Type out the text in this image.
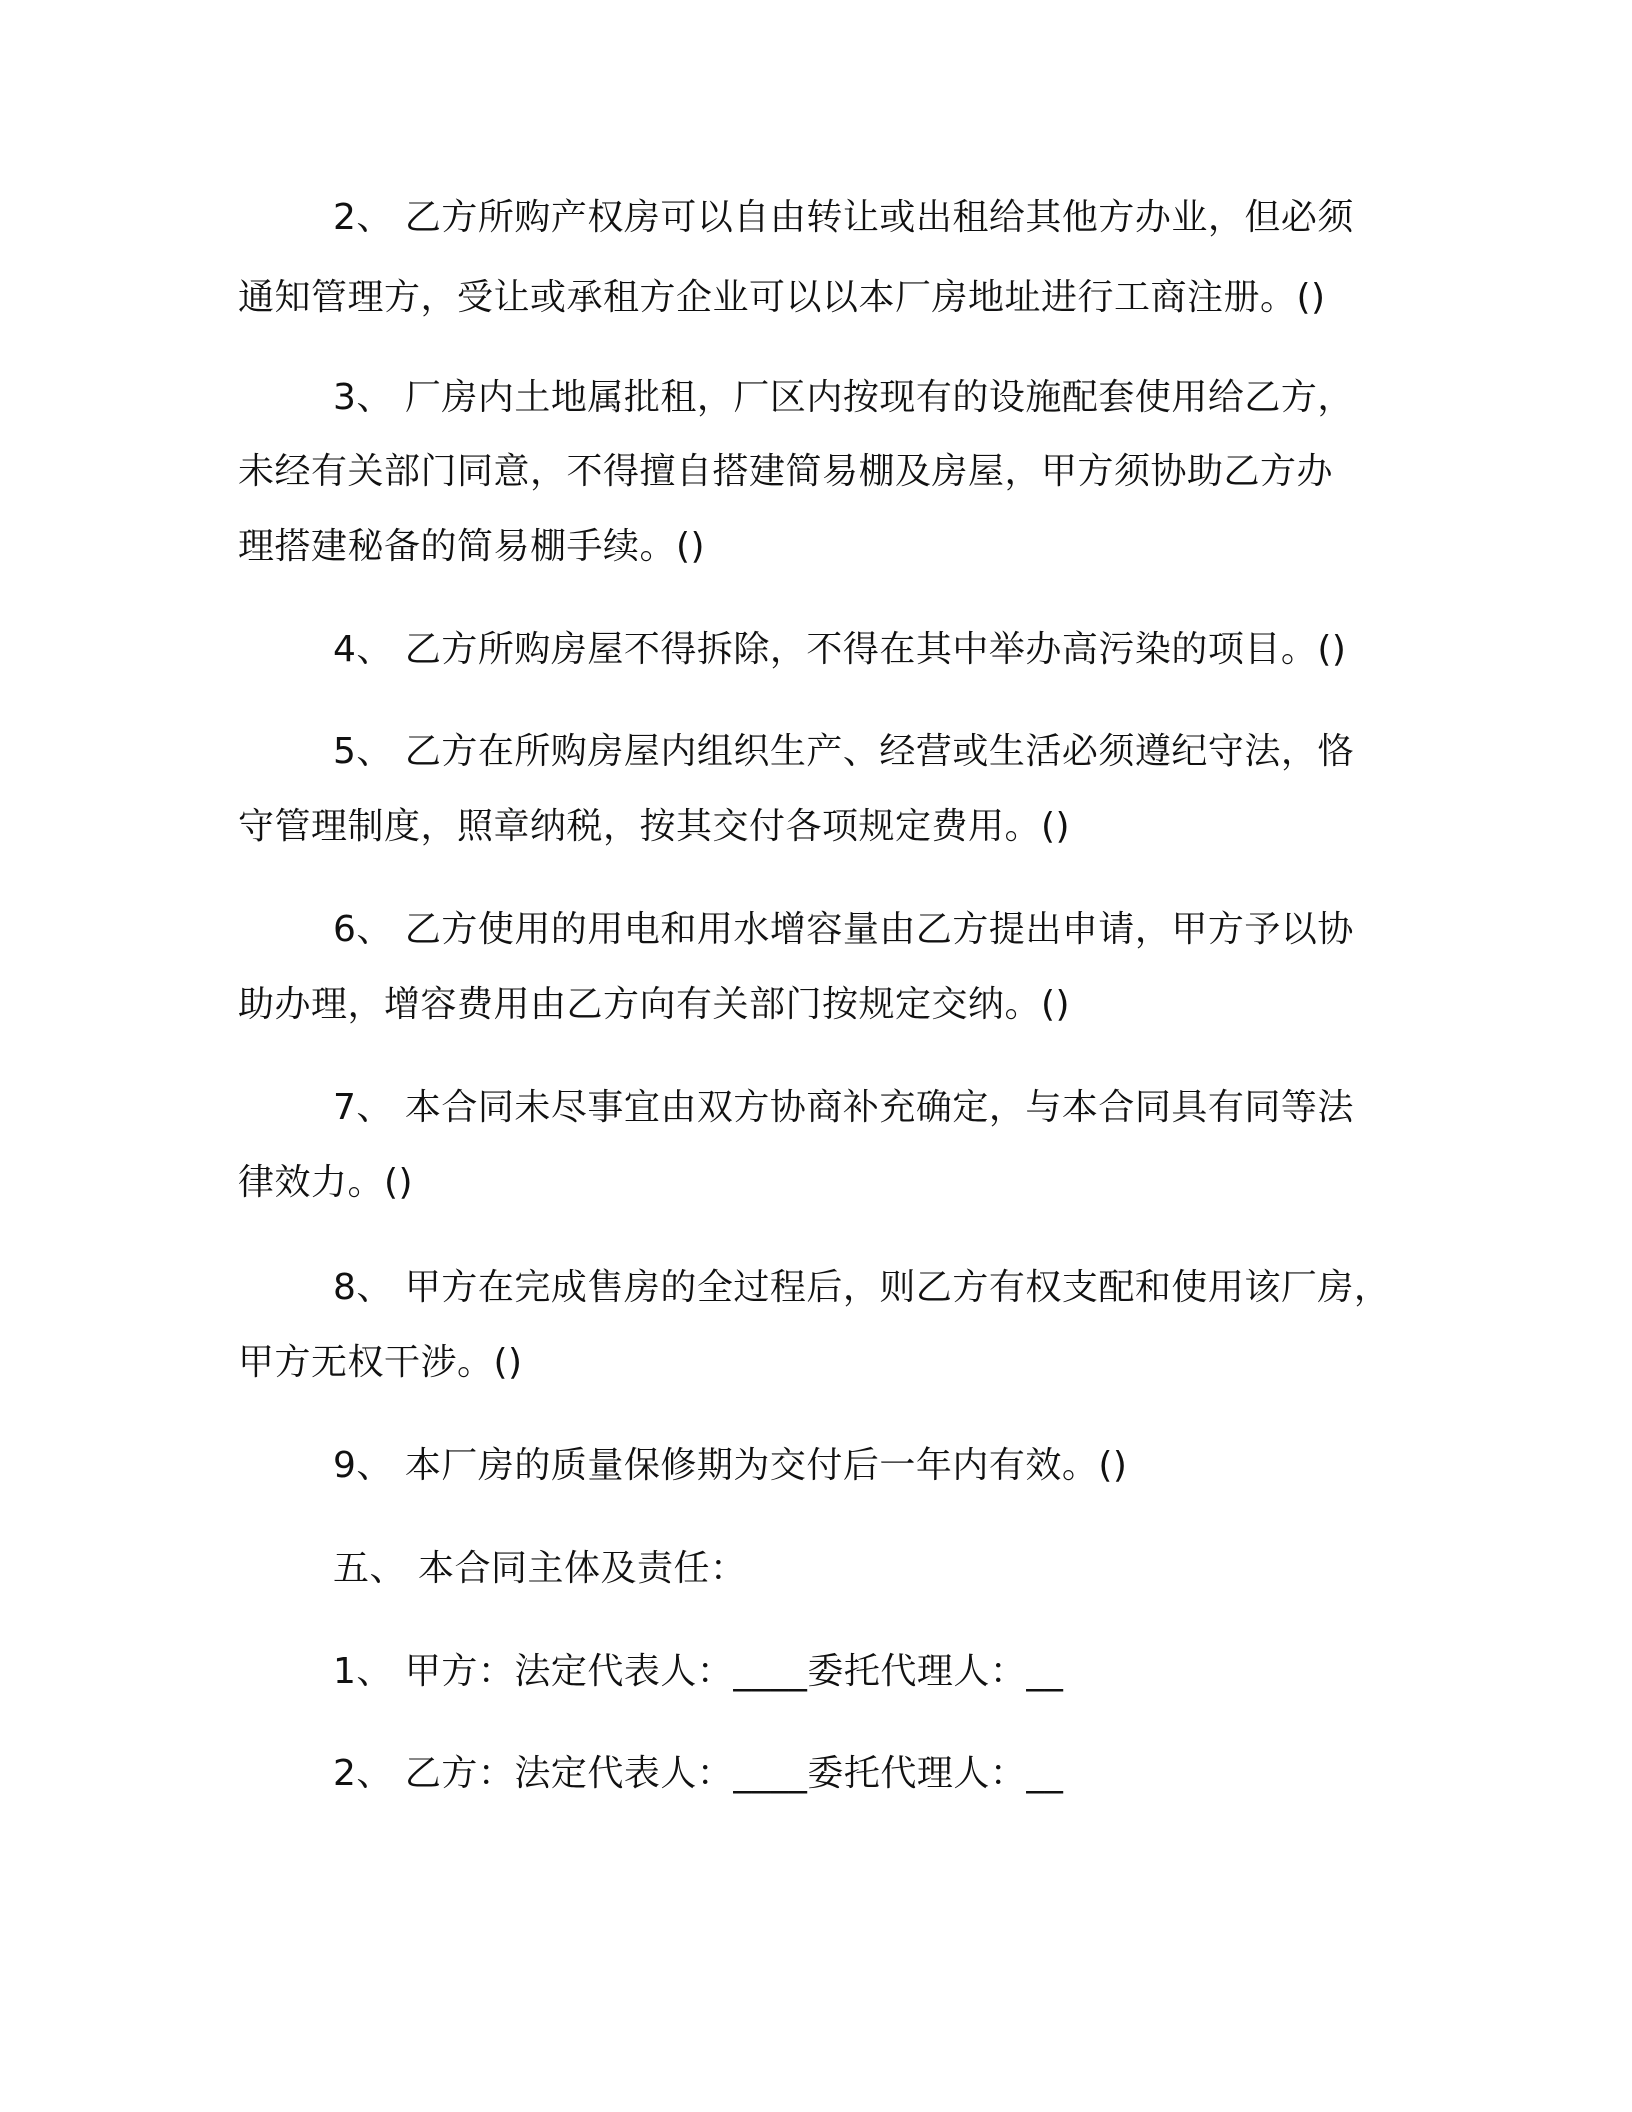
2、 乙方所购产权房可以自由转让或出租给其他方办业，但必须
通知管理方，受让或承租方企业可以以本厂房地址进行工商注册。()
3、 厂房内土地属批租，厂区内按现有的设施配套使用给乙方，
未经有关部门同意，不得擅自搭建简易棚及房屋，甲方须协助乙方办
理搭建秘备的简易棚手续。()
4、 乙方所购房屋不得拆除，不得在其中举办高污染的项目。()
5、 乙方在所购房屋内组织生产、经营或生活必须遵纪守法，恪
守管理制度，照章纳税，按其交付各项规定费用。()
6、 乙方使用的用电和用水增容量由乙方提出申请，甲方予以协
助办理，增容费用由乙方向有关部门按规定交纳。()
7、 本合同未尽事宜由双方协商补充确定，与本合同具有同等法
律效力。()
8、 甲方在完成售房的全过程后，则乙方有权支配和使用该厂房，
甲方无权干涉。()
9、 本厂房的质量保修期为交付后一年内有效。()
五、 本合同主体及责任：
1、 甲方：法定代表人：____委托代理人：__
2、 乙方：法定代表人：____委托代理人：__
